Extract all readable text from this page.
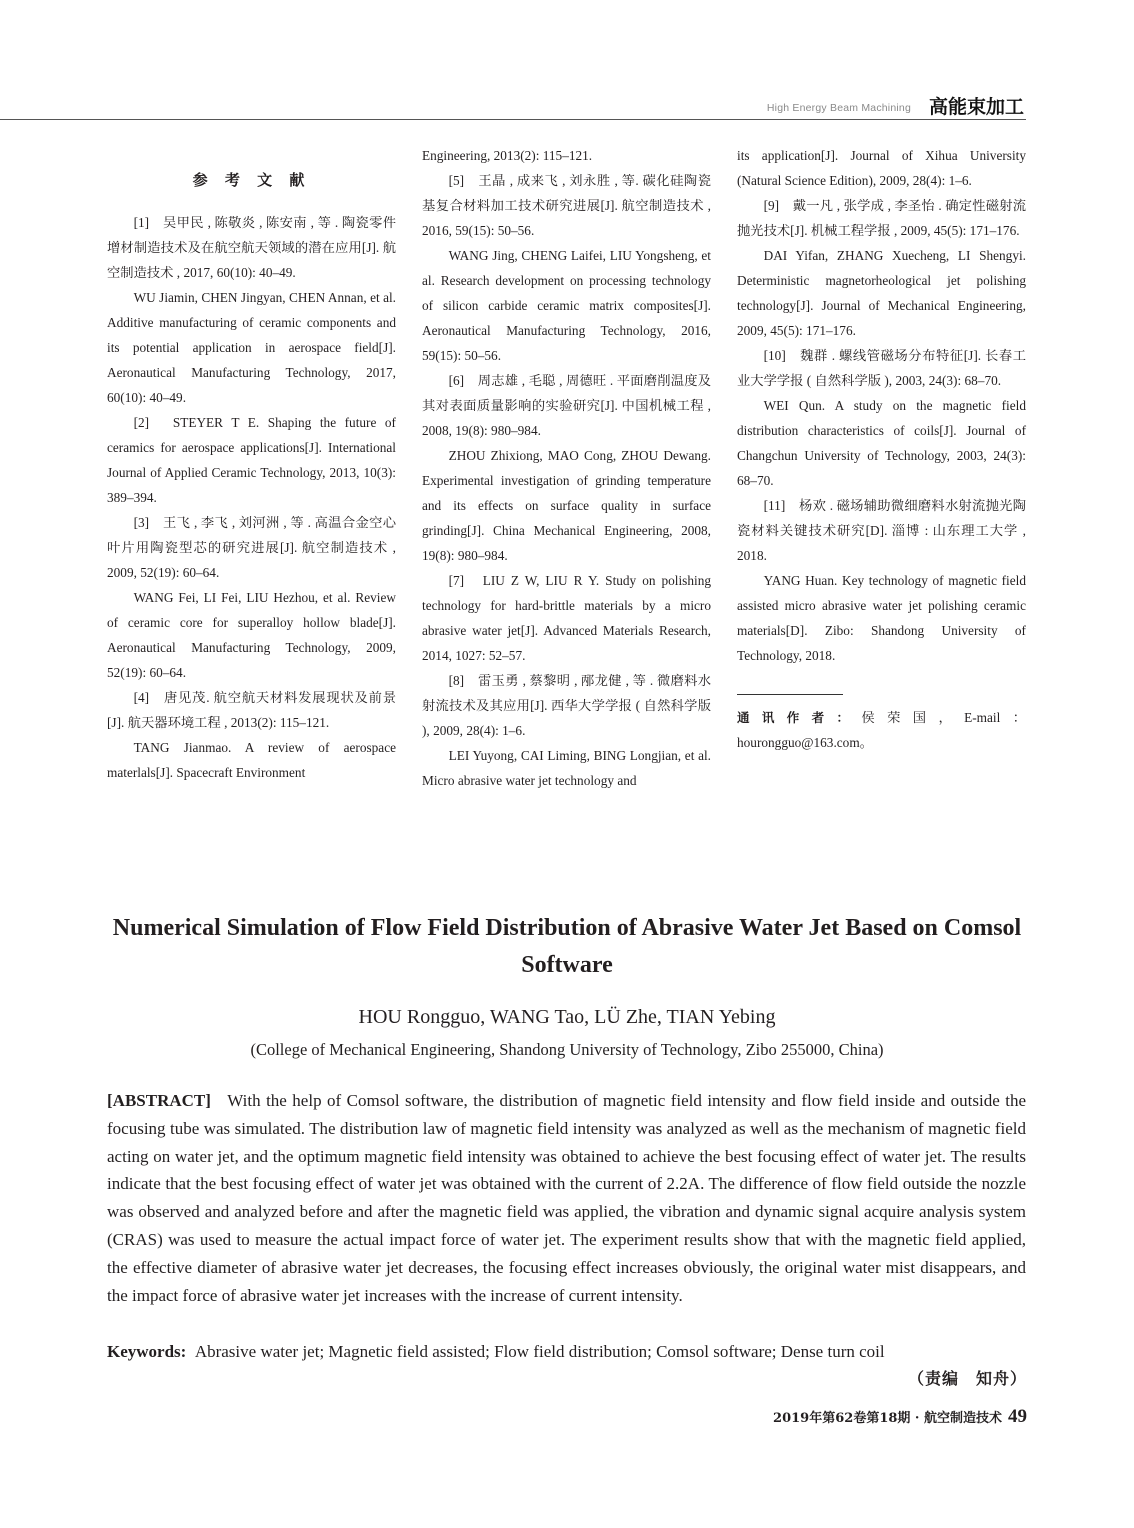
High Energy Beam Machining 高能束加工
参 考 文 献

[1]　吴甲民 , 陈敬炎 , 陈安南 , 等 . 陶瓷零件增材制造技术及在航空航天领域的潜在应用[J]. 航空制造技术 , 2017, 60(10): 40–49.

WU Jiamin, CHEN Jingyan, CHEN Annan, et al. Additive manufacturing of ceramic components and its potential application in aerospace field[J]. Aeronautical Manufacturing Technology, 2017, 60(10): 40–49.

[2]　STEYER T E. Shaping the future of ceramics for aerospace applications[J]. International Journal of Applied Ceramic Technology, 2013, 10(3): 389–394.

[3]　王飞 , 李飞 , 刘河洲 , 等 . 高温合金空心叶片用陶瓷型芯的研究进展[J]. 航空制造技术 , 2009, 52(19): 60–64.

WANG Fei, LI Fei, LIU Hezhou, et al. Review of ceramic core for superalloy hollow blade[J]. Aeronautical Manufacturing Technology, 2009, 52(19): 60–64.

[4]　唐见茂. 航空航天材料发展现状及前景 [J]. 航天器环境工程 , 2013(2): 115–121.

TANG Jianmao. A review of aerospace materlals[J]. Spacecraft Environment

Engineering, 2013(2): 115–121.

[5]　王晶 , 成来飞 , 刘永胜 , 等. 碳化硅陶瓷基复合材料加工技术研究进展[J]. 航空制造技术 , 2016, 59(15): 50–56.

WANG Jing, CHENG Laifei, LIU Yongsheng, et al. Research development on processing technology of silicon carbide ceramic matrix composites[J]. Aeronautical Manufacturing Technology, 2016, 59(15): 50–56.

[6]　周志雄 , 毛聪 , 周德旺 . 平面磨削温度及其对表面质量影响的实验研究[J]. 中国机械工程 , 2008, 19(8): 980–984.

ZHOU Zhixiong, MAO Cong, ZHOU Dewang. Experimental investigation of grinding temperature and its effects on surface quality in surface grinding[J]. China Mechanical Engineering, 2008, 19(8): 980–984.

[7]　LIU Z W, LIU R Y. Study on polishing technology for hard-brittle materials by a micro abrasive water jet[J]. Advanced Materials Research, 2014, 1027: 52–57.

[8]　雷玉勇 , 蔡黎明 , 邴龙健 , 等 . 微磨料水射流技术及其应用[J]. 西华大学学报 ( 自然科学版 ), 2009, 28(4): 1–6.

LEI Yuyong, CAI Liming, BING Longjian, et al. Micro abrasive water jet technology and

its application[J]. Journal of Xihua University (Natural Science Edition), 2009, 28(4): 1–6.

[9]　戴一凡 , 张学成 , 李圣怡 . 确定性磁射流抛光技术[J]. 机械工程学报 , 2009, 45(5): 171–176.

DAI Yifan, ZHANG Xuecheng, LI Shengyi. Deterministic magnetorheological jet polishing technology[J]. Journal of Mechanical Engineering, 2009, 45(5): 171–176.

[10]　魏群 . 螺线管磁场分布特征[J]. 长春工业大学学报 ( 自然科学版 ), 2003, 24(3): 68–70.

WEI Qun. A study on the magnetic field distribution characteristics of coils[J]. Journal of Changchun University of Technology, 2003, 24(3): 68–70.

[11]　杨欢 . 磁场辅助微细磨料水射流抛光陶瓷材料关键技术研究[D]. 淄博 : 山东理工大学 , 2018.

YANG Huan. Key technology of magnetic field assisted micro abrasive water jet polishing ceramic materials[D]. Zibo: Shandong University of Technology, 2018.

通讯作者：侯荣国，E-mail：hourongguo@163.com。

Numerical Simulation of Flow Field Distribution of Abrasive Water Jet Based on Comsol Software
HOU Rongguo, WANG Tao, LÜ Zhe, TIAN Yebing
(College of Mechanical Engineering, Shandong University of Technology, Zibo 255000, China)

[ABSTRACT] With the help of Comsol software, the distribution of magnetic field intensity and flow field inside and outside the focusing tube was simulated. The distribution law of magnetic field intensity was analyzed as well as the mechanism of magnetic field acting on water jet, and the optimum magnetic field intensity was obtained to achieve the best focusing effect of water jet. The results indicate that the best focusing effect of water jet was obtained with the current of 2.2A. The difference of flow field outside the nozzle was observed and analyzed before and after the magnetic field was applied, the vibration and dynamic signal acquire analysis system (CRAS) was used to measure the actual impact force of water jet. The experiment results show that with the magnetic field applied, the effective diameter of abrasive water jet decreases, the focusing effect increases obviously, the original water mist disappears, and the impact force of abrasive water jet increases with the increase of current intensity.

Keywords: Abrasive water jet; Magnetic field assisted; Flow field distribution; Comsol software; Dense turn coil

（责编　知舟）
2019年第62卷第18期 · 航空制造技术 49
